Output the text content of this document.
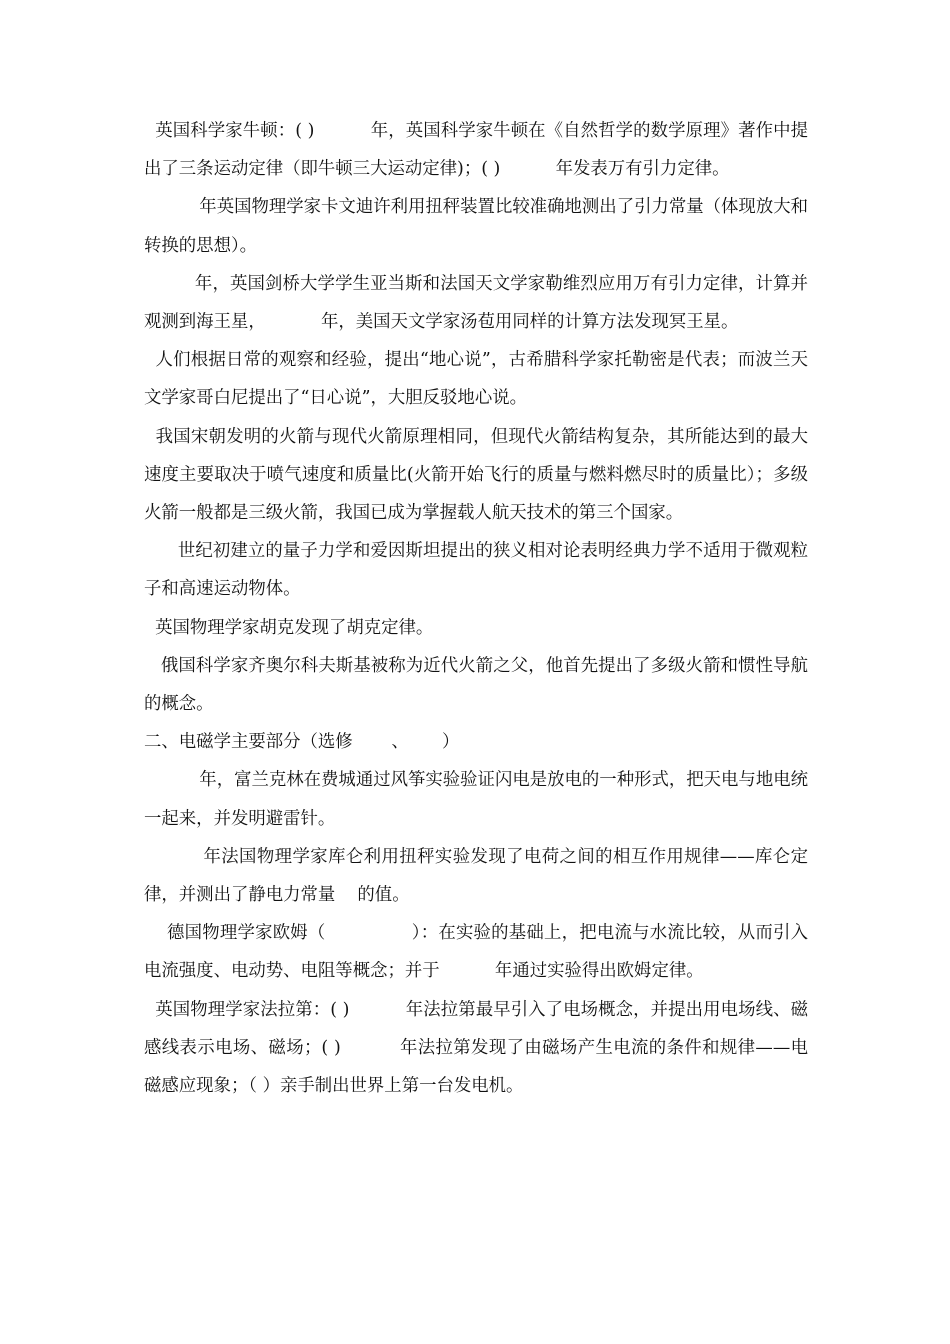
英国科学家牛顿：( )          年，英国科学家牛顿在《自然哲学的数学原理》著作中提出了三条运动定律（即牛顿三大运动定律)；( )          年发表万有引力定律。

年英国物理学家卡文迪许利用扭秤装置比较准确地测出了引力常量（体现放大和转换的思想）。

年，英国剑桥大学学生亚当斯和法国天文学家勒维烈应用万有引力定律，计算并观测到海王星，          年，美国天文学家汤苞用同样的计算方法发现冥王星。

人们根据日常的观察和经验，提出“地心说”，古希腊科学家托勒密是代表；而波兰天文学家哥白尼提出了“日心说”，大胆反驳地心说。

我国宋朝发明的火箭与现代火箭原理相同，但现代火箭结构复杂，其所能达到的最大速度主要取决于喷气速度和质量比(火箭开始飞行的质量与燃料燃尽时的质量比）；多级火箭一般都是三级火箭，我国已成为掌握载人航天技术的第三个国家。

世纪初建立的量子力学和爱因斯坦提出的狭义相对论表明经典力学不适用于微观粒子和高速运动物体。

英国物理学家胡克发现了胡克定律。

俄国科学家齐奥尔科夫斯基被称为近代火箭之父，他首先提出了多级火箭和惯性导航的概念。

二、电磁学主要部分（选修       、      ）

年，富兰克林在费城通过风筝实验验证闪电是放电的一种形式，把天电与地电统一起来，并发明避雷针。

年法国物理学家库仑利用扭秤实验发现了电荷之间的相互作用规律——库仑定律，并测出了静电力常量    的值。

德国物理学家欧姆（               ）：在实验的基础上，把电流与水流比较，从而引入电流强度、电动势、电阻等概念；并于          年通过实验得出欧姆定律。

英国物理学家法拉第：( )          年法拉第最早引入了电场概念，并提出用电场线、磁感线表示电场、磁场；( )          年法拉第发现了由磁场产生电流的条件和规律——电磁感应现象；（ ）亲手制出世界上第一台发电机。
